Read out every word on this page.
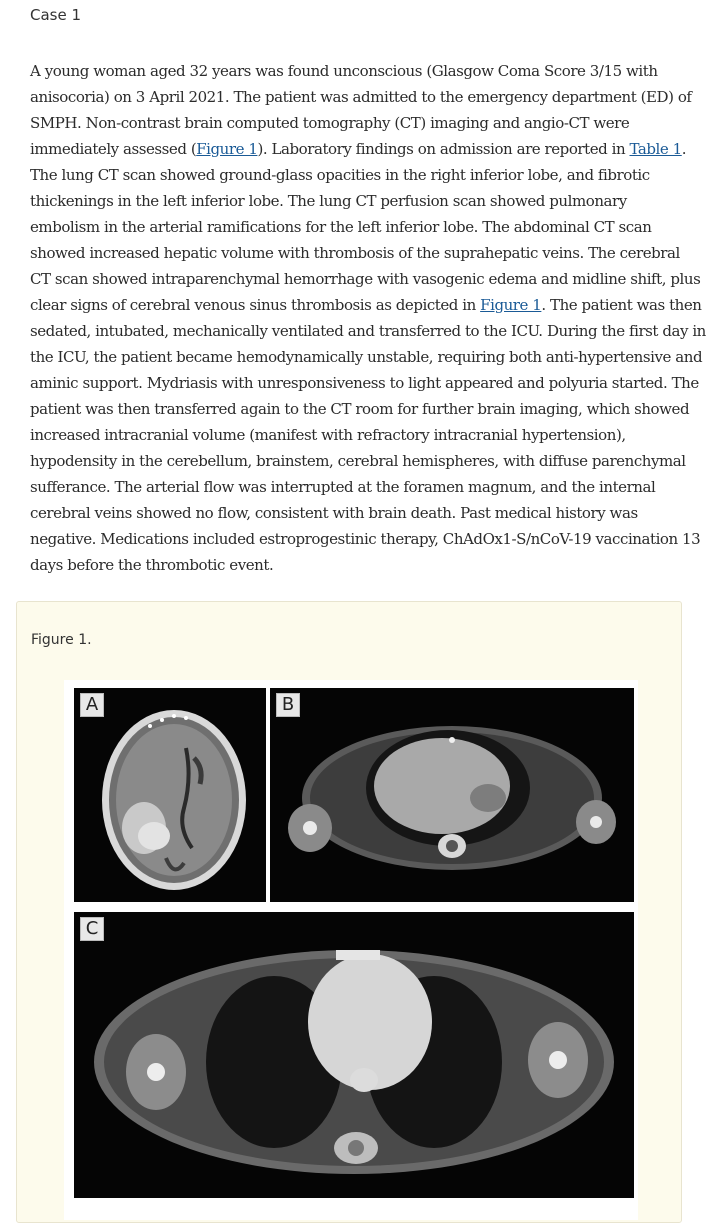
Case 1
A young woman aged 32 years was found unconscious (Glasgow Coma Score 3/15 with
anisocoria) on 3 April 2021. The patient was admitted to the emergency department (ED) of
SMPH. Non-contrast brain computed tomography (CT) imaging and angio-CT were
immediately assessed (Figure 1). Laboratory findings on admission are reported in Table 1.
The lung CT scan showed ground-glass opacities in the right inferior lobe, and fibrotic
thickenings in the left inferior lobe. The lung CT perfusion scan showed pulmonary
embolism in the arterial ramifications for the left inferior lobe. The abdominal CT scan
showed increased hepatic volume with thrombosis of the suprahepatic veins. The cerebral
CT scan showed intraparenchymal hemorrhage with vasogenic edema and midline shift, plus
clear signs of cerebral venous sinus thrombosis as depicted in Figure 1. The patient was then
sedated, intubated, mechanically ventilated and transferred to the ICU. During the first day in
the ICU, the patient became hemodynamically unstable, requiring both anti-hypertensive and
aminic support. Mydriasis with unresponsiveness to light appeared and polyuria started. The
patient was then transferred again to the CT room for further brain imaging, which showed
increased intracranial volume (manifest with refractory intracranial hypertension),
hypodensity in the cerebellum, brainstem, cerebral hemispheres, with diffuse parenchymal
sufferance. The arterial flow was interrupted at the foramen magnum, and the internal
cerebral veins showed no flow, consistent with brain death. Past medical history was
negative. Medications included estroprogestinic therapy, ChAdOx1-S/nCoV-19 vaccination 13
days before the thrombotic event.
Figure 1.
A	B
C
